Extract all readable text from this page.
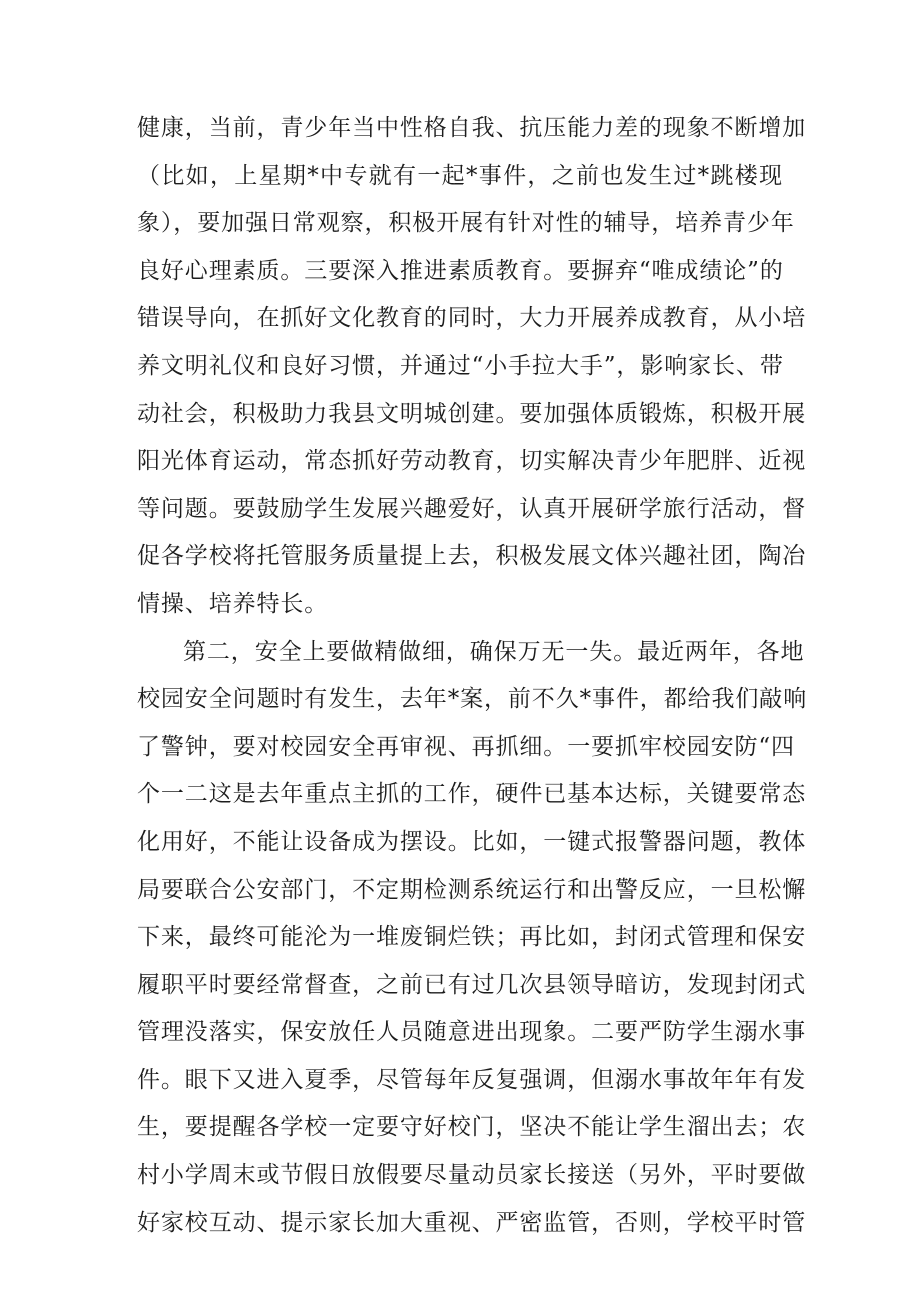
健康，当前，青少年当中性格自我、抗压能力差的现象不断增加
（比如，上星期*中专就有一起*事件，之前也发生过*跳楼现
象），要加强日常观察，积极开展有针对性的辅导，培养青少年
良好心理素质。三要深入推进素质教育。要摒弃“唯成绩论”的
错误导向，在抓好文化教育的同时，大力开展养成教育，从小培
养文明礼仪和良好习惯，并通过“小手拉大手”，影响家长、带
动社会，积极助力我县文明城创建。要加强体质锻炼，积极开展
阳光体育运动，常态抓好劳动教育，切实解决青少年肥胖、近视
等问题。要鼓励学生发展兴趣爱好，认真开展研学旅行活动，督
促各学校将托管服务质量提上去，积极发展文体兴趣社团，陶冶
情操、培养特长。

第二，安全上要做精做细，确保万无一失。最近两年，各地
校园安全问题时有发生，去年*案，前不久*事件，都给我们敲响
了警钟，要对校园安全再审视、再抓细。一要抓牢校园安防“四
个一二这是去年重点主抓的工作，硬件已基本达标，关键要常态
化用好，不能让设备成为摆设。比如，一键式报警器问题，教体
局要联合公安部门，不定期检测系统运行和出警反应，一旦松懈
下来，最终可能沦为一堆废铜烂铁；再比如，封闭式管理和保安
履职平时要经常督查，之前已有过几次县领导暗访，发现封闭式
管理没落实，保安放任人员随意进出现象。二要严防学生溺水事
件。眼下又进入夏季，尽管每年反复强调，但溺水事故年年有发
生，要提醒各学校一定要守好校门，坚决不能让学生溜出去；农
村小学周末或节假日放假要尽量动员家长接送（另外，平时要做
好家校互动、提示家长加大重视、严密监管，否则，学校平时管
